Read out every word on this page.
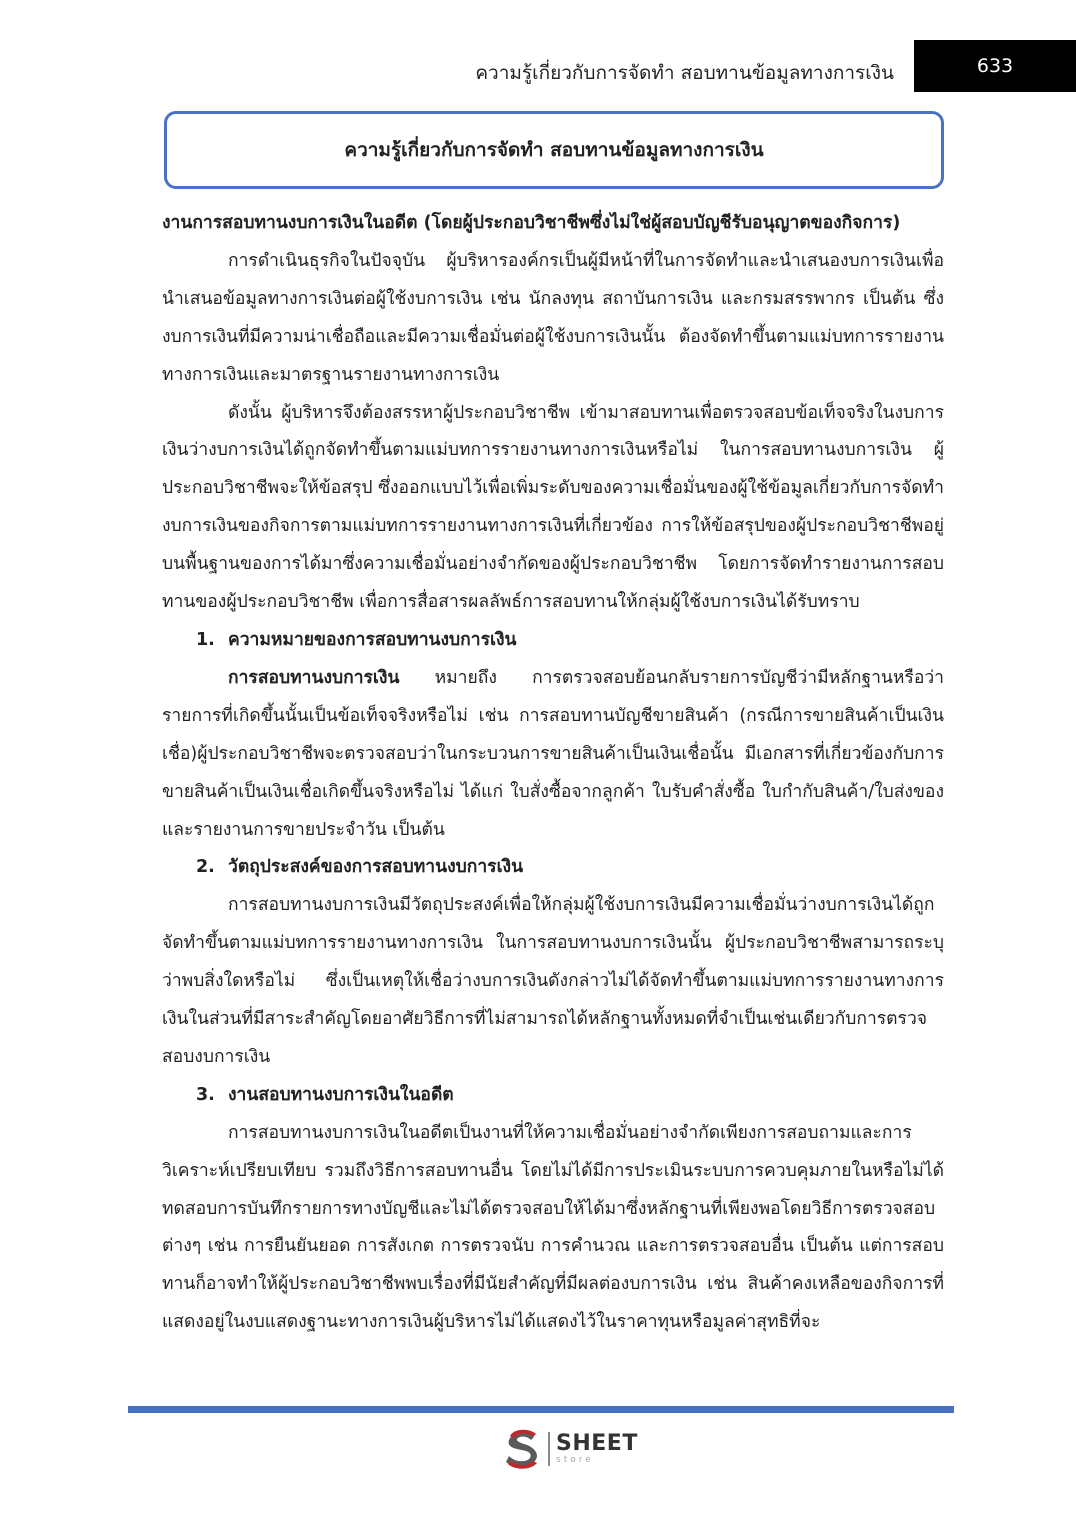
ความรู้เกี่ยวกับการจัดทำ สอบทานข้อมูลทางการเงิน	633
ความรู้เกี่ยวกับการจัดทำ สอบทานข้อมูลทางการเงิน

งานการสอบทานงบการเงินในอดีต (โดยผู้ประกอบวิชาชีพซึ่งไม่ใช่ผู้สอบบัญชีรับอนุญาตของกิจการ)

การดำเนินธุรกิจในปัจจุบัน ผู้บริหารองค์กรเป็นผู้มีหน้าที่ในการจัดทำและนำเสนองบการเงินเพื่อนำเสนอข้อมูลทางการเงินต่อผู้ใช้งบการเงิน เช่น นักลงทุน สถาบันการเงิน และกรมสรรพากร เป็นต้น ซึ่งงบการเงินที่มีความน่าเชื่อถือและมีความเชื่อมั่นต่อผู้ใช้งบการเงินนั้น ต้องจัดทำขึ้นตามแม่บทการรายงานทางการเงินและมาตรฐานรายงานทางการเงิน

ดังนั้น ผู้บริหารจึงต้องสรรหาผู้ประกอบวิชาชีพ เข้ามาสอบทานเพื่อตรวจสอบข้อเท็จจริงในงบการเงินว่างบการเงินได้ถูกจัดทำขึ้นตามแม่บทการรายงานทางการเงินหรือไม่ ในการสอบทานงบการเงิน ผู้ประกอบวิชาชีพจะให้ข้อสรุป ซึ่งออกแบบไว้เพื่อเพิ่มระดับของความเชื่อมั่นของผู้ใช้ข้อมูลเกี่ยวกับการจัดทำงบการเงินของกิจการตามแม่บทการรายงานทางการเงินที่เกี่ยวข้อง การให้ข้อสรุปของผู้ประกอบวิชาชีพอยู่บนพื้นฐานของการได้มาซึ่งความเชื่อมั่นอย่างจำกัดของผู้ประกอบวิชาชีพ โดยการจัดทำรายงานการสอบทานของผู้ประกอบวิชาชีพ เพื่อการสื่อสารผลลัพธ์การสอบทานให้กลุ่มผู้ใช้งบการเงินได้รับทราบ

1. ความหมายของการสอบทานงบการเงิน

การสอบทานงบการเงิน หมายถึง การตรวจสอบย้อนกลับรายการบัญชีว่ามีหลักฐานหรือว่ารายการที่เกิดขึ้นนั้นเป็นข้อเท็จจริงหรือไม่ เช่น การสอบทานบัญชีขายสินค้า (กรณีการขายสินค้าเป็นเงินเชื่อ)ผู้ประกอบวิชาชีพจะตรวจสอบว่าในกระบวนการขายสินค้าเป็นเงินเชื่อนั้น มีเอกสารที่เกี่ยวข้องกับการขายสินค้าเป็นเงินเชื่อเกิดขึ้นจริงหรือไม่ ได้แก่ ใบสั่งซื้อจากลูกค้า ใบรับคำสั่งซื้อ ใบกำกับสินค้า/ใบส่งของ และรายงานการขายประจำวัน เป็นต้น

2. วัตถุประสงค์ของการสอบทานงบการเงิน

การสอบทานงบการเงินมีวัตถุประสงค์เพื่อให้กลุ่มผู้ใช้งบการเงินมีความเชื่อมั่นว่างบการเงินได้ถูกจัดทำขึ้นตามแม่บทการรายงานทางการเงิน ในการสอบทานงบการเงินนั้น ผู้ประกอบวิชาชีพสามารถระบุว่าพบสิ่งใดหรือไม่ ซึ่งเป็นเหตุให้เชื่อว่างบการเงินดังกล่าวไม่ได้จัดทำขึ้นตามแม่บทการรายงานทางการเงินในส่วนที่มีสาระสำคัญโดยอาศัยวิธีการที่ไม่สามารถได้หลักฐานทั้งหมดที่จำเป็นเช่นเดียวกับการตรวจสอบงบการเงิน

3. งานสอบทานงบการเงินในอดีต

การสอบทานงบการเงินในอดีตเป็นงานที่ให้ความเชื่อมั่นอย่างจำกัดเพียงการสอบถามและการวิเคราะห์เปรียบเทียบ รวมถึงวิธีการสอบทานอื่น โดยไม่ได้มีการประเมินระบบการควบคุมภายในหรือไม่ได้ทดสอบการบันทึกรายการทางบัญชีและไม่ได้ตรวจสอบให้ได้มาซึ่งหลักฐานที่เพียงพอโดยวิธีการตรวจสอบต่างๆ เช่น การยืนยันยอด การสังเกต การตรวจนับ การคำนวณ และการตรวจสอบอื่น เป็นต้น แต่การสอบทานก็อาจทำให้ผู้ประกอบวิชาชีพพบเรื่องที่มีนัยสำคัญที่มีผลต่องบการเงิน เช่น สินค้าคงเหลือของกิจการที่แสดงอยู่ในงบแสดงฐานะทางการเงินผู้บริหารไม่ได้แสดงไว้ในราคาทุนหรือมูลค่าสุทธิที่จะ

SHEET
store
